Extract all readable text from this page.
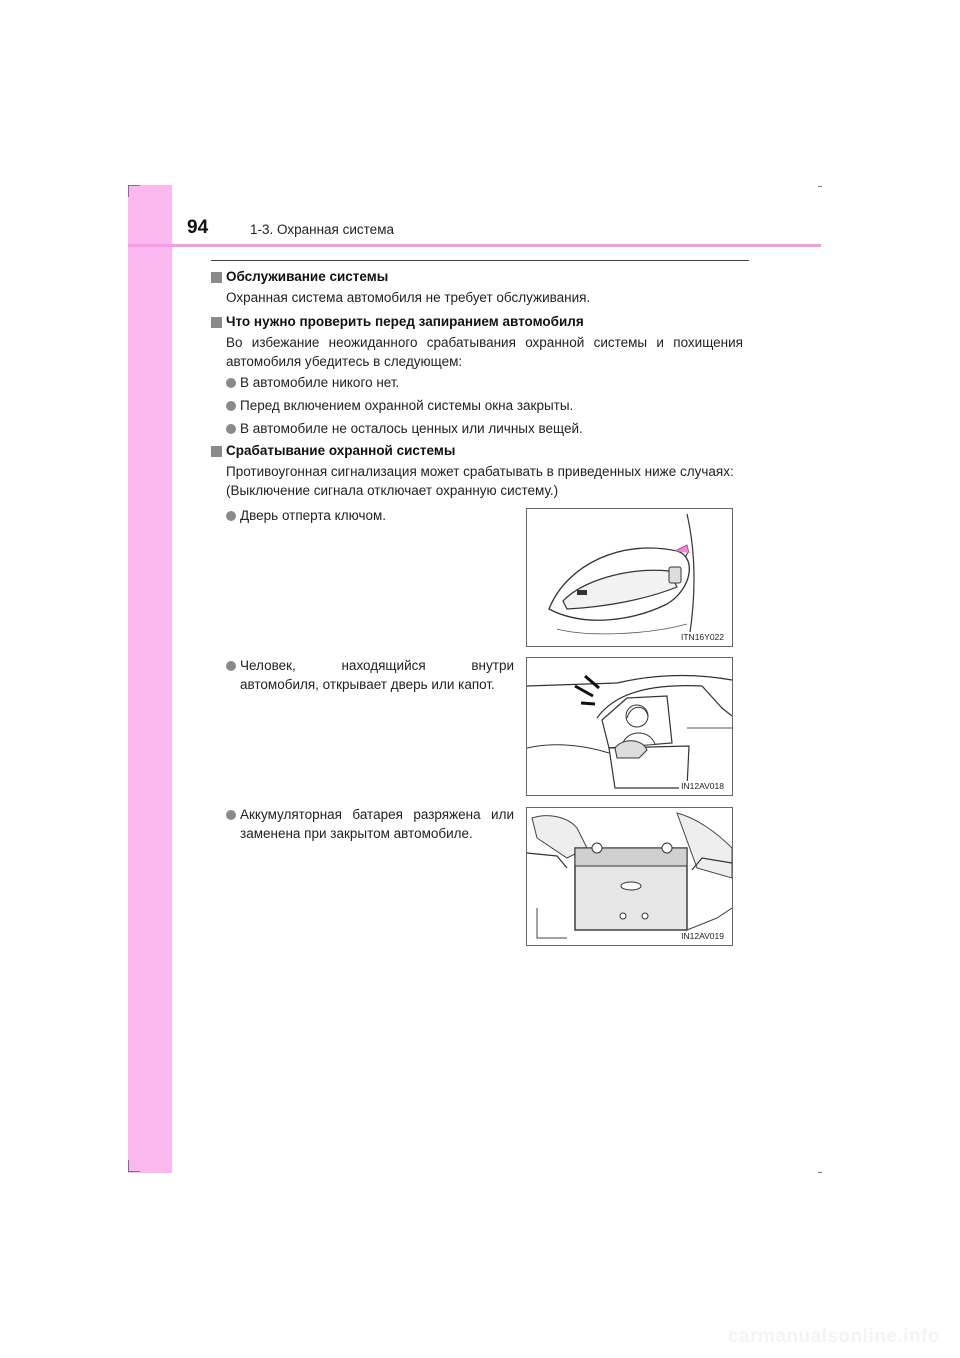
94	1-3. Охранная система
Обслуживание системы
Охранная система автомобиля не требует обслуживания.
Что нужно проверить перед запиранием автомобиля
Во избежание неожиданного срабатывания охранной системы и похищения
автомобиля убедитесь в следующем:
В автомобиле никого нет.
Перед включением охранной системы окна закрыты.
В автомобиле не осталось ценных или личных вещей.
Срабатывание охранной системы
Противоугонная сигнализация может срабатывать в приведенных ниже случаях:
(Выключение сигнала отключает охранную систему.)
Дверь отперта ключом.
ITN16Y022
Человек, находящийся внутри
автомобиля, открывает дверь или капот.
IN12AV018
Аккумуляторная батарея разряжена или
заменена при закрытом автомобиле.
IN12AV019
carmanualsonline.info
